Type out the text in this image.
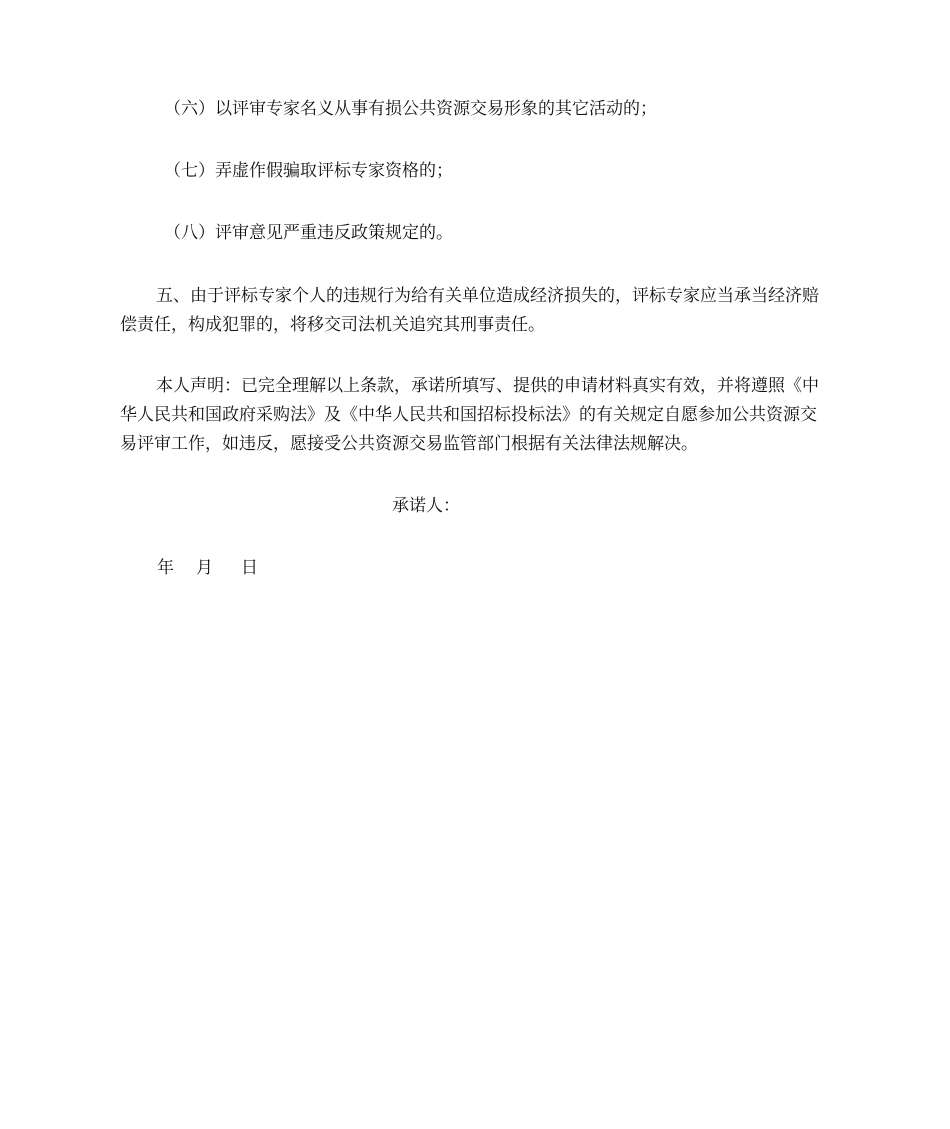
（六）以评审专家名义从事有损公共资源交易形象的其它活动的；

（七）弄虚作假骗取评标专家资格的；

（八）评审意见严重违反政策规定的。

五、由于评标专家个人的违规行为给有关单位造成经济损失的，评标专家应当承当经济赔偿责任，构成犯罪的，将移交司法机关追究其刑事责任。

本人声明：已完全理解以上条款，承诺所填写、提供的申请材料真实有效，并将遵照《中华人民共和国政府采购法》及《中华人民共和国招标投标法》的有关规定自愿参加公共资源交易评审工作，如违反，愿接受公共资源交易监管部门根据有关法律法规解决。

承诺人：
年 月 日
